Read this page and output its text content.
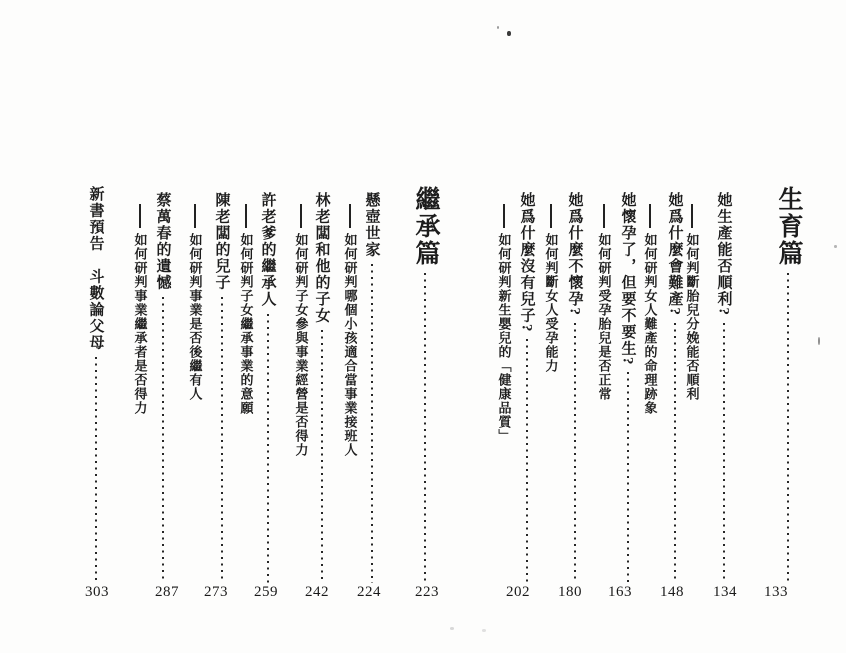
生育篇
她生產能否順利?
如何判斷胎兒分娩能否順利
她爲什麼會難產?
如何研判女人難產的命理跡象
她懷孕了，但要不要生?
如何研判受孕胎兒是否正常
她爲什麼不懷孕?
如何判斷女人受孕能力
她爲什麼沒有兒子?
如何研判新生嬰兒的「健康品質」
繼承篇
懸壺世家
如何研判哪個小孩適合當事業接班人
林老闆和他的子女
如何研判子女參與事業經營是否得力
許老爹的繼承人
如何研判子女繼承事業的意願
陳老闆的兒子
如何研判事業是否後繼有人
蔡萬春的遺憾
如何研判事業繼承者是否得力
新書預告　斗數論父母
133
134
148
163
180
202
223
224
242
259
273
287
303
